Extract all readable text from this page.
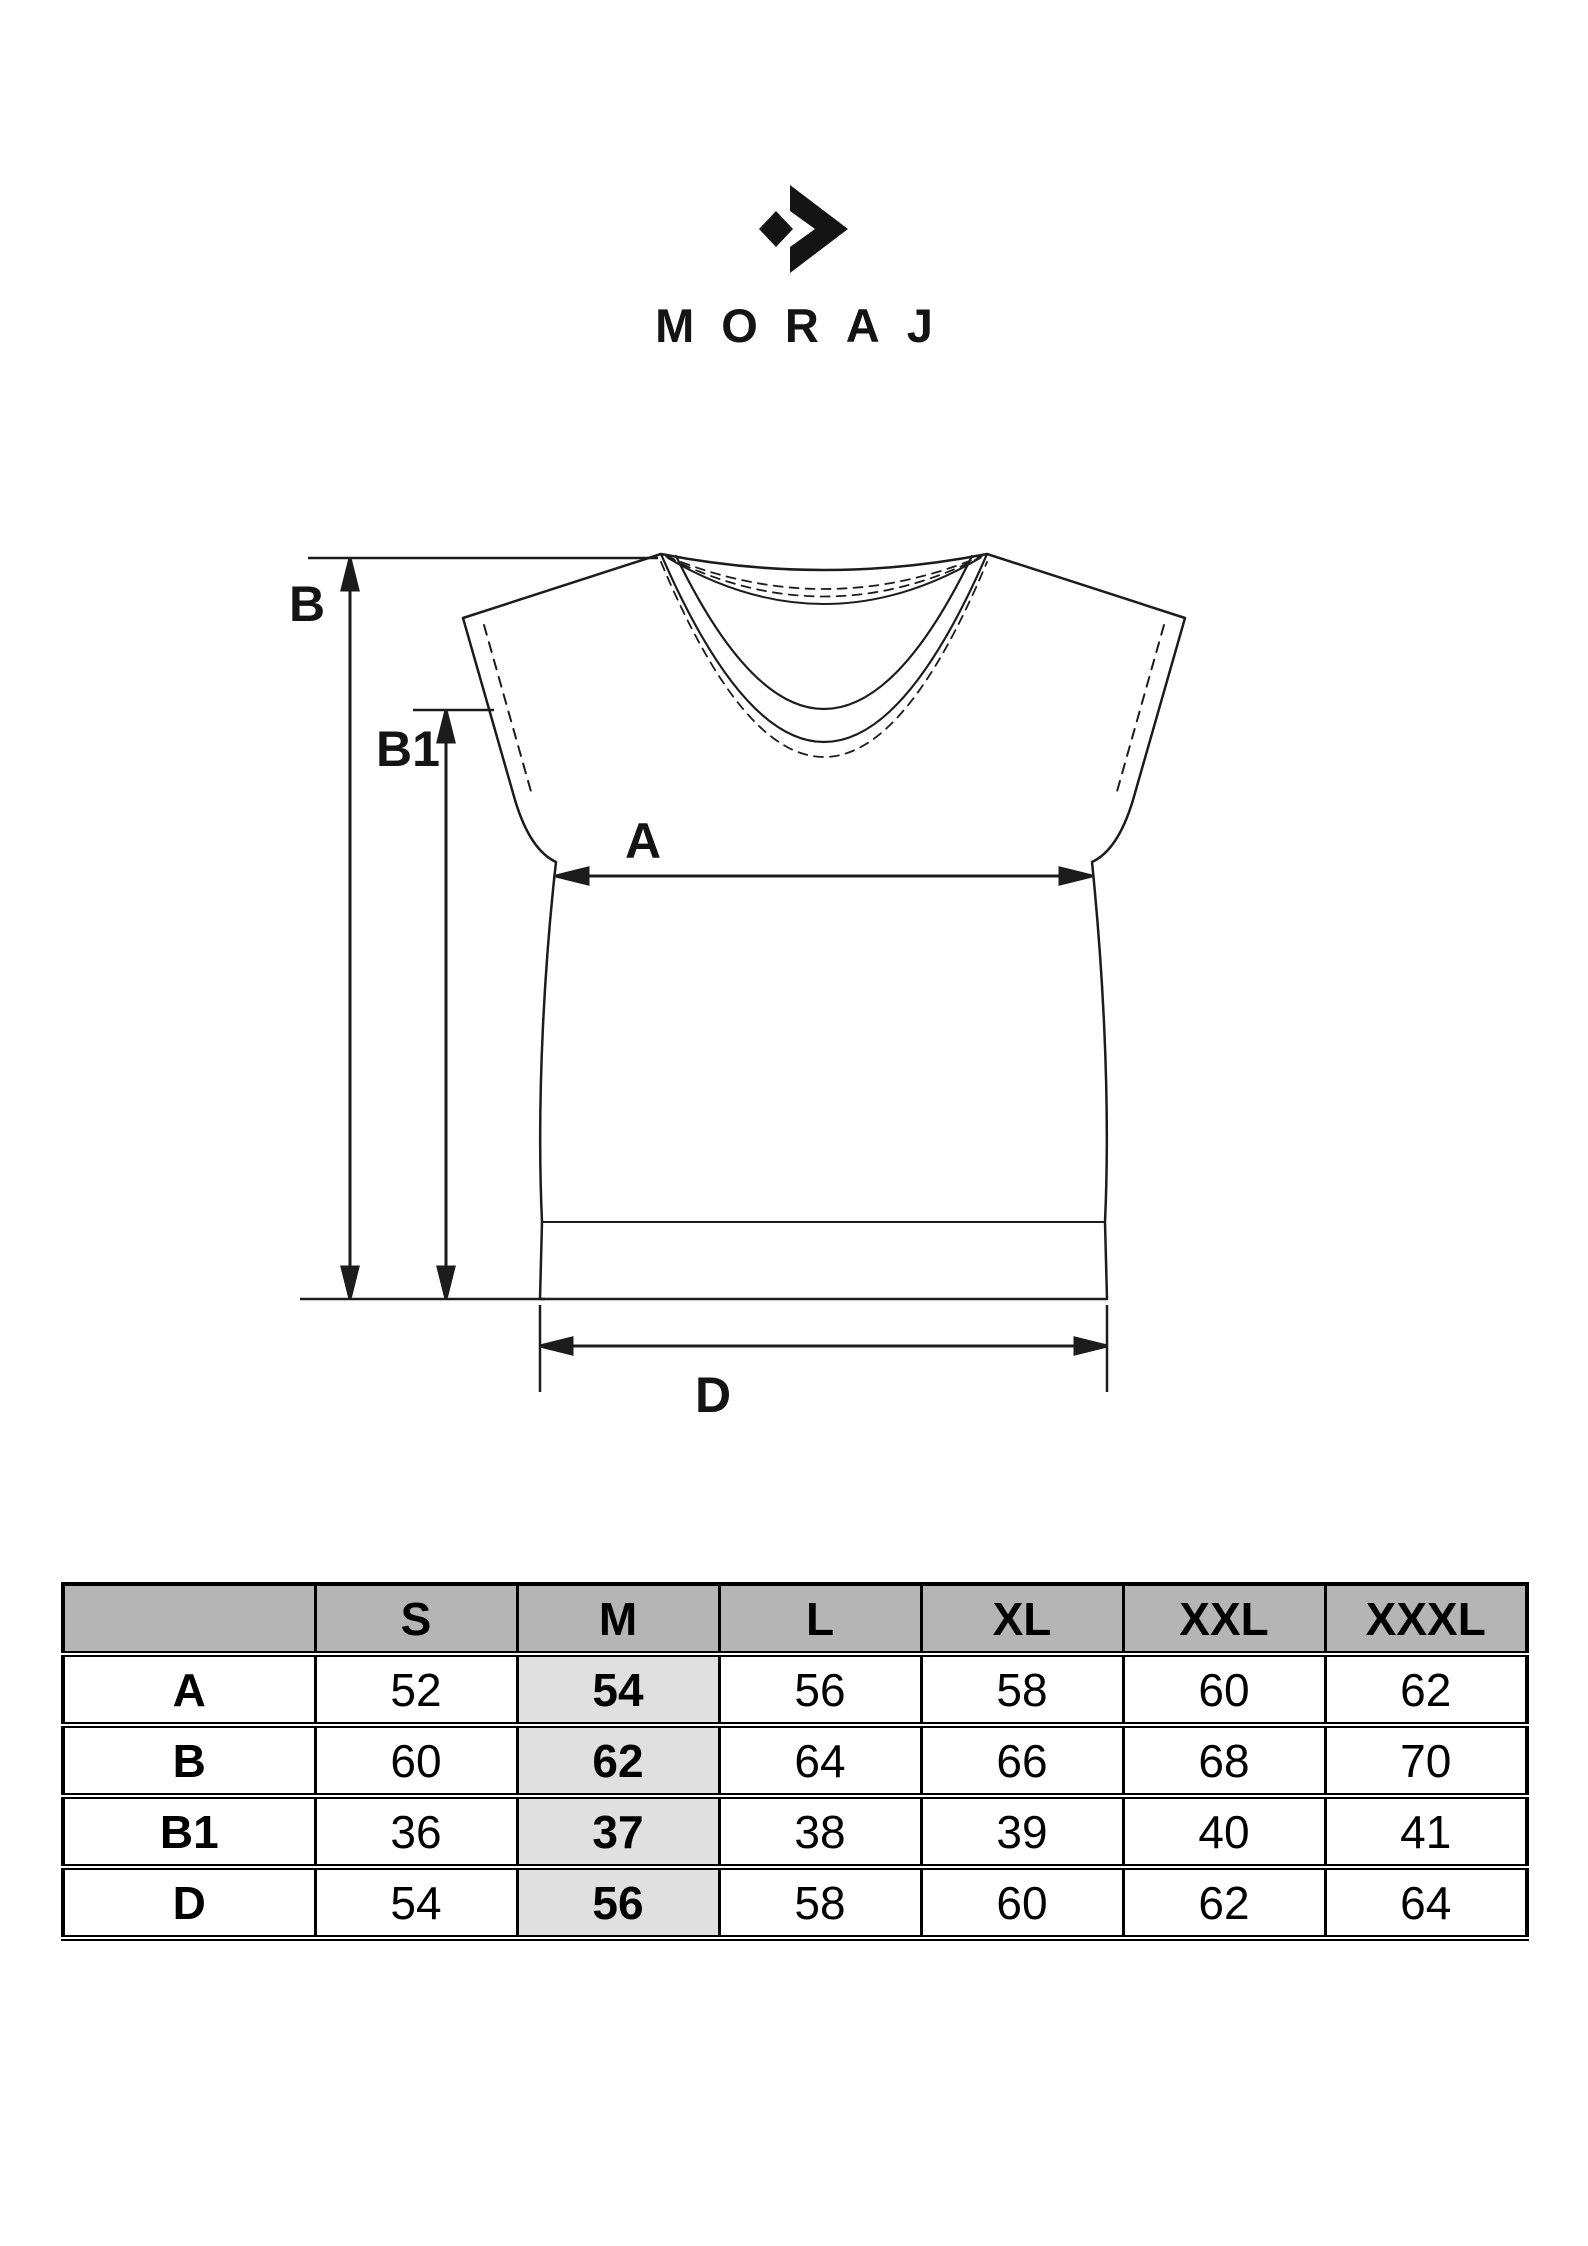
B
B1
A
D
MORAJ
	S	M	L	XL	XXL	XXXL
A	52	54	56	58	60	62
B	60	62	64	66	68	70
B1	36	37	38	39	40	41
D	54	56	58	60	62	64
